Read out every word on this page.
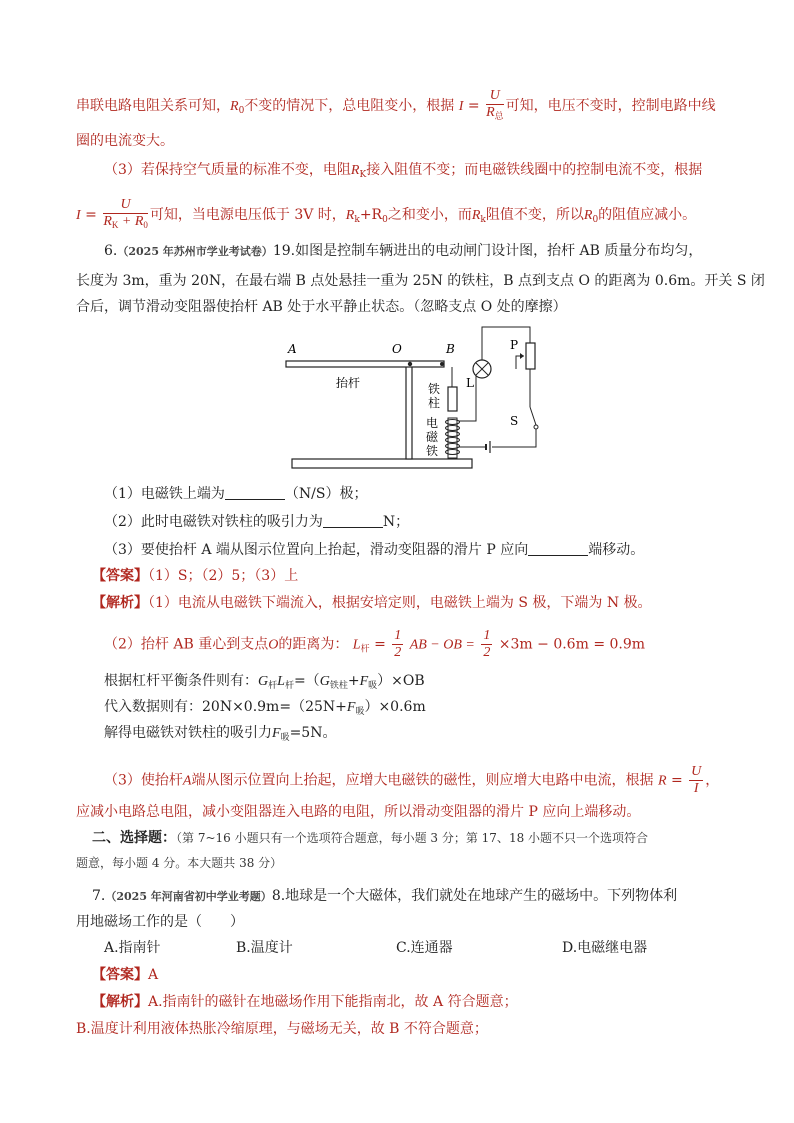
串联电路电阻关系可知，$R_0$不变的情况下，总电阻变小，根据 $I = \frac{U}{R_总}$ 可知，电压不变时，控制电路中线
圈的电流变大。
（3）若保持空气质量的标准不变，电阻$R_K$接入阻值不变；而电磁铁线圈中的控制电流不变，根据
$I = \frac{U}{R_K + R_0}$ 可知，当电源电压低于 3V 时，$R_k+R_0$之和变小，而$R_k$阻值不变，所以$R_0$的阻值应减小。
6.（2025 年苏州市学业考试卷）19.如图是控制车辆进出的电动闸门设计图，抬杆 AB 质量分布均匀，
长度为 3m，重为 20N，在最右端 B 点处悬挂一重为 25N 的铁柱，B 点到支点 O 的距离为 0.6m。开关 S 闭
合后，调节滑动变阻器使抬杆 AB 处于水平静止状态。（忽略支点 O 处的摩擦）
A	O	B
抬杆	铁
柱
电
磁
铁
L
P
S
（1）电磁铁上端为	（N/S）极；
（2）此时电磁铁对铁柱的吸引力为	N；
（3）要使抬杆 A 端从图示位置向上抬起，滑动变阻器的滑片 P 应向	端移动。
【答案】（1）S；（2）5；（3）上
【解析】（1）电流从电磁铁下端流入，根据安培定则，电磁铁上端为 S 极，下端为 N 极。
（2）抬杆 AB 重心到支点O的距离为： $L_杆 = \frac{1}{2}$ AB − OB = $\frac{1}{2} \times 3m - 0.6m = 0.9m$
根据杠杆平衡条件则有：$G_杆L_杆=(G_{铁柱}+F_吸)\times OB$
代入数据则有：$20N\times 0.9m=(25N+F_吸)\times 0.6m$
解得电磁铁对铁柱的吸引力$F_吸=5N$。
（3）使抬杆A端从图示位置向上抬起，应增大电磁铁的磁性，则应增大电路中电流，根据 $R = \frac{U}{I}$ ，
应减小电路总电阻，减小变阻器连入电路的电阻，所以滑动变阻器的滑片 P 应向上端移动。
二、选择题：（第 7~16 小题只有一个选项符合题意，每小题 3 分；第 17、18 小题不只一个选项符合
题意，每小题 4 分。本大题共 38 分）
7.（2025 年河南省初中学业考题）8.地球是一个大磁体，我们就处在地球产生的磁场中。下列物体利
用地磁场工作的是（　　）
A.指南针	B.温度计	C.连通器	D.电磁继电器
【答案】A
【解析】A.指南针的磁针在地磁场作用下能指南北，故 A 符合题意；
B.温度计利用液体热胀冷缩原理，与磁场无关，故 B 不符合题意；
